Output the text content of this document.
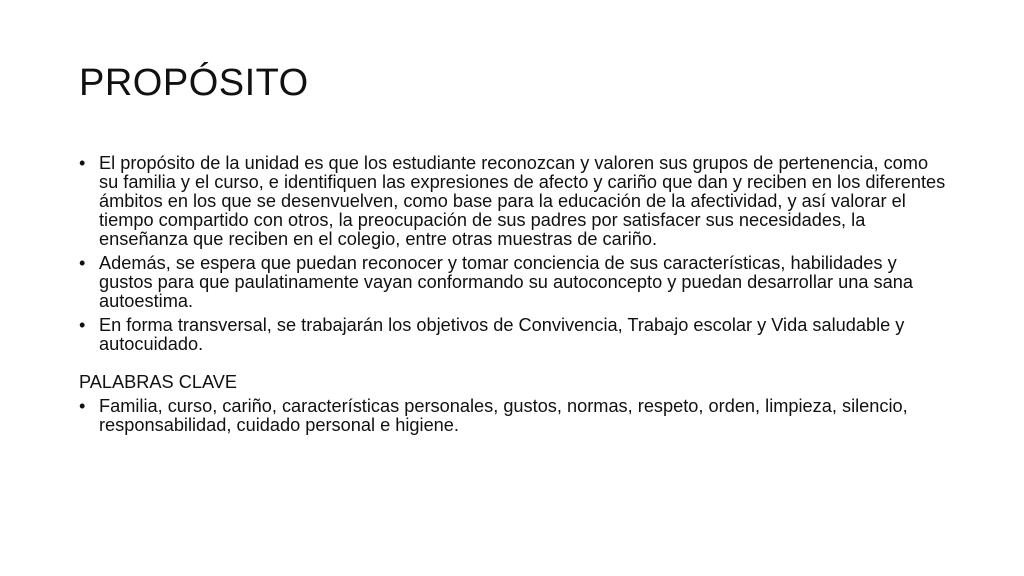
PROPÓSITO
• El propósito de la unidad es que los estudiante reconozcan y valoren sus grupos de pertenencia, como su familia y el curso, e identifiquen las expresiones de afecto y cariño que dan y reciben en los diferentes ámbitos en los que se desenvuelven, como base para la educación de la afectividad, y así valorar el tiempo compartido con otros, la preocupación de sus padres por satisfacer sus necesidades, la enseñanza que reciben en el colegio, entre otras muestras de cariño.
• Además, se espera que puedan reconocer y tomar conciencia de sus características, habilidades y gustos para que paulatinamente vayan conformando su autoconcepto y puedan desarrollar una sana autoestima.
• En forma transversal, se trabajarán los objetivos de Convivencia, Trabajo escolar y Vida saludable y autocuidado.
PALABRAS CLAVE
• Familia, curso, cariño, características personales, gustos, normas, respeto, orden, limpieza, silencio, responsabilidad, cuidado personal e higiene.
